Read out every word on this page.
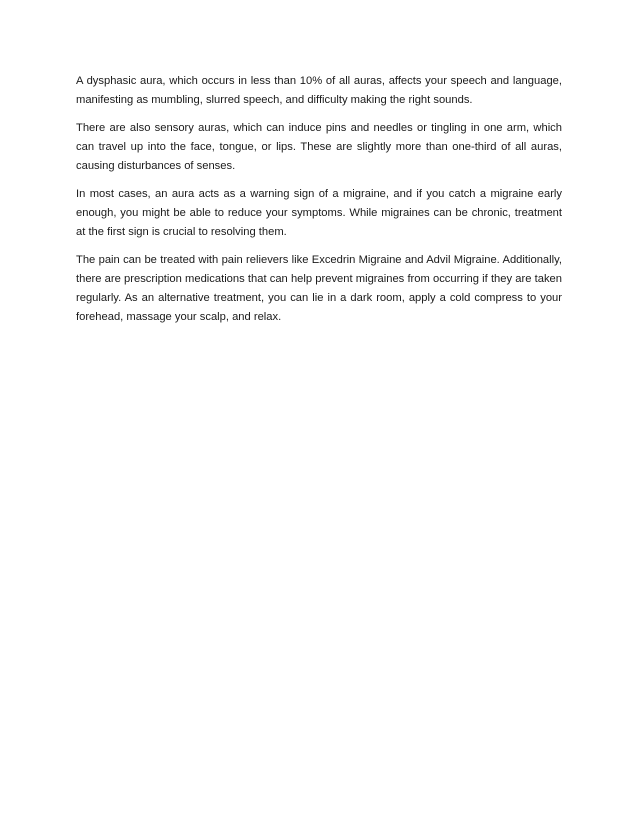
A dysphasic aura, which occurs in less than 10% of all auras, affects your speech and language, manifesting as mumbling, slurred speech, and difficulty making the right sounds.

There are also sensory auras, which can induce pins and needles or tingling in one arm, which can travel up into the face, tongue, or lips. These are slightly more than one-third of all auras, causing disturbances of senses.

In most cases, an aura acts as a warning sign of a migraine, and if you catch a migraine early enough, you might be able to reduce your symptoms. While migraines can be chronic, treatment at the first sign is crucial to resolving them.

The pain can be treated with pain relievers like Excedrin Migraine and Advil Migraine. Additionally, there are prescription medications that can help prevent migraines from occurring if they are taken regularly. As an alternative treatment, you can lie in a dark room, apply a cold compress to your forehead, massage your scalp, and relax.
